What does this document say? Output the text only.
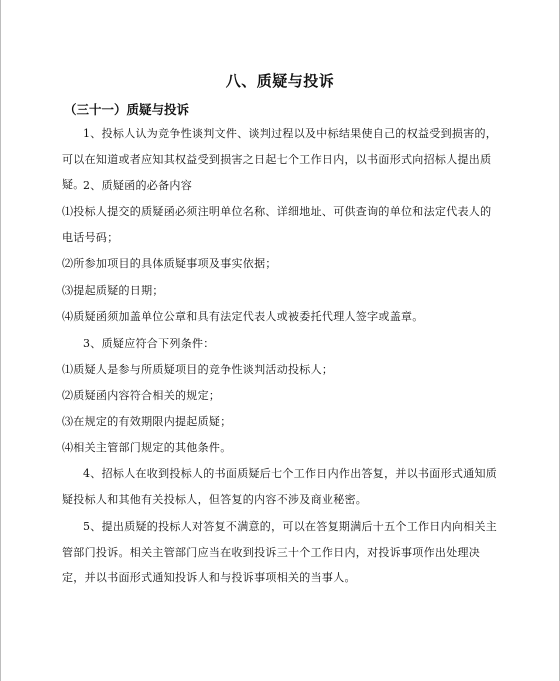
八、质疑与投诉
（三十一）质疑与投诉

1、投标人认为竞争性谈判文件、谈判过程以及中标结果使自己的权益受到损害的，可以在知道或者应知其权益受到损害之日起七个工作日内，以书面形式向招标人提出质疑。

2、质疑函的必备内容

⑴投标人提交的质疑函必须注明单位名称、详细地址、可供查询的单位和法定代表人的电话号码；

⑵所参加项目的具体质疑事项及事实依据；

⑶提起质疑的日期；

⑷质疑函须加盖单位公章和具有法定代表人或被委托代理人签字或盖章。

3、质疑应符合下列条件：

⑴质疑人是参与所质疑项目的竞争性谈判活动投标人；

⑵质疑函内容符合相关的规定；

⑶在规定的有效期限内提起质疑；

⑷相关主管部门规定的其他条件。

4、招标人在收到投标人的书面质疑后七个工作日内作出答复，并以书面形式通知质疑投标人和其他有关投标人，但答复的内容不涉及商业秘密。

5、提出质疑的投标人对答复不满意的，可以在答复期满后十五个工作日内向相关主管部门投诉。相关主管部门应当在收到投诉三十个工作日内，对投诉事项作出处理决定，并以书面形式通知投诉人和与投诉事项相关的当事人。
